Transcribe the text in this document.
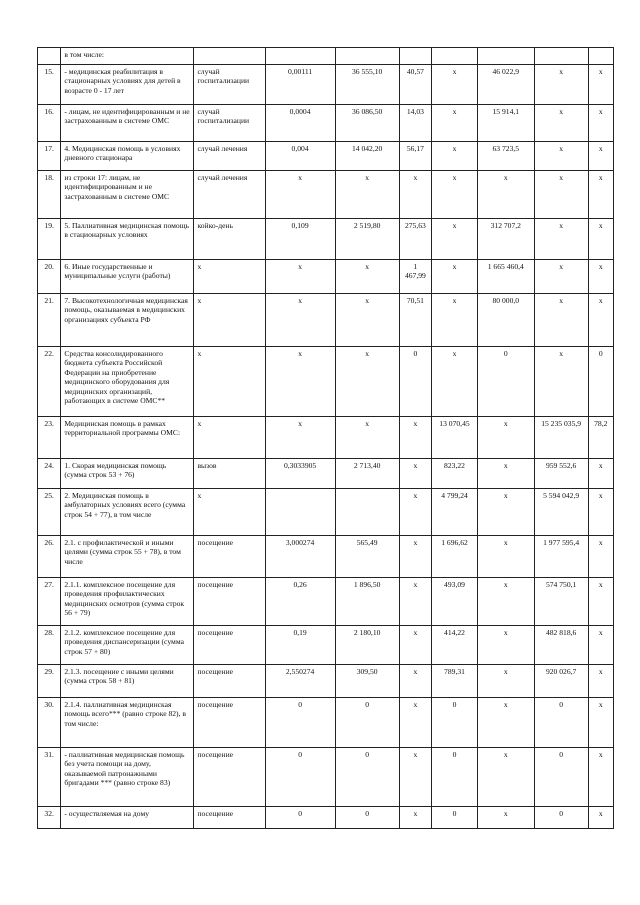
	в том числе:								
15.	- медицинская реабилитация в стационарных условиях для детей в возрасте 0 - 17 лет	случай госпитализации	0,00111	36 555,10	40,57	x	46 022,9	x	x
16.	- лицам, не идентифицированным и не застрахованным в системе ОМС	случай госпитализации	0,0004	36 086,50	14,03	x	15 914,1	x	x
17.	4. Медицинская помощь в условиях дневного стационара	случай лечения	0,004	14 042,20	56,17	x	63 723,5	x	x
18.	из строки 17: лицам, не идентифицированным и не застрахованным в системе ОМС	случай лечения	x	x	x	x	x	x	x
19.	5. Паллиативная медицинская помощь в стационарных условиях	койко-день	0,109	2 519,80	275,63	x	312 707,2	x	x
20.	6. Иные государственные и муниципальные услуги (работы)	x	x	x	1 467,99	x	1 665 460,4	x	x
21.	7. Высокотехнологичная медицинская помощь, оказываемая в медицинских организациях субъекта РФ	x	x	x	70,51	x	80 000,0	x	x
22.	Средства консолидированного бюджета субъекта Российской Федерации на приобретение медицинского оборудования для медицинских организаций, работающих в системе ОМС**	x	x	x	0	x	0	x	0
23.	Медицинская помощь в рамках территориальной программы ОМС:	x	x	x	x	13 070,45	x	15 235 035,9	78,2
24.	1. Скорая медицинская помощь (сумма строк 53 + 76)	вызов	0,3033905	2 713,40	x	823,22	x	959 552,6	x
25.	2. Медицинская помощь в амбулаторных условиях всего (сумма строк 54 + 77), в том числе	x			x	4 799,24	x	5 594 042,9	x
26.	2.1. с профилактической и иными целями (сумма строк 55 + 78), в том числе	посещение	3,000274	565,49	x	1 696,62	x	1 977 595,4	x
27.	2.1.1. комплексное посещение для проведения профилактических медицинских осмотров (сумма строк 56 + 79)	посещение	0,26	1 896,50	x	493,09	x	574 750,1	x
28.	2.1.2. комплексное посещение для проведения диспансеризации (сумма строк 57 + 80)	посещение	0,19	2 180,10	x	414,22	x	482 818,6	x
29.	2.1.3. посещение с иными целями (сумма строк 58 + 81)	посещение	2,550274	309,50	x	789,31	x	920 026,7	x
30.	2.1.4. паллиативная медицинская помощь всего*** (равно строке 82), в том числе:	посещение	0	0	x	0	x	0	x
31.	- паллиативная медицинская помощь без учета помощи на дому, оказываемой патронажными бригадами *** (равно строке 83)	посещение	0	0	x	0	x	0	x
32.	- осуществляемая на дому	посещение	0	0	x	0	x	0	x
